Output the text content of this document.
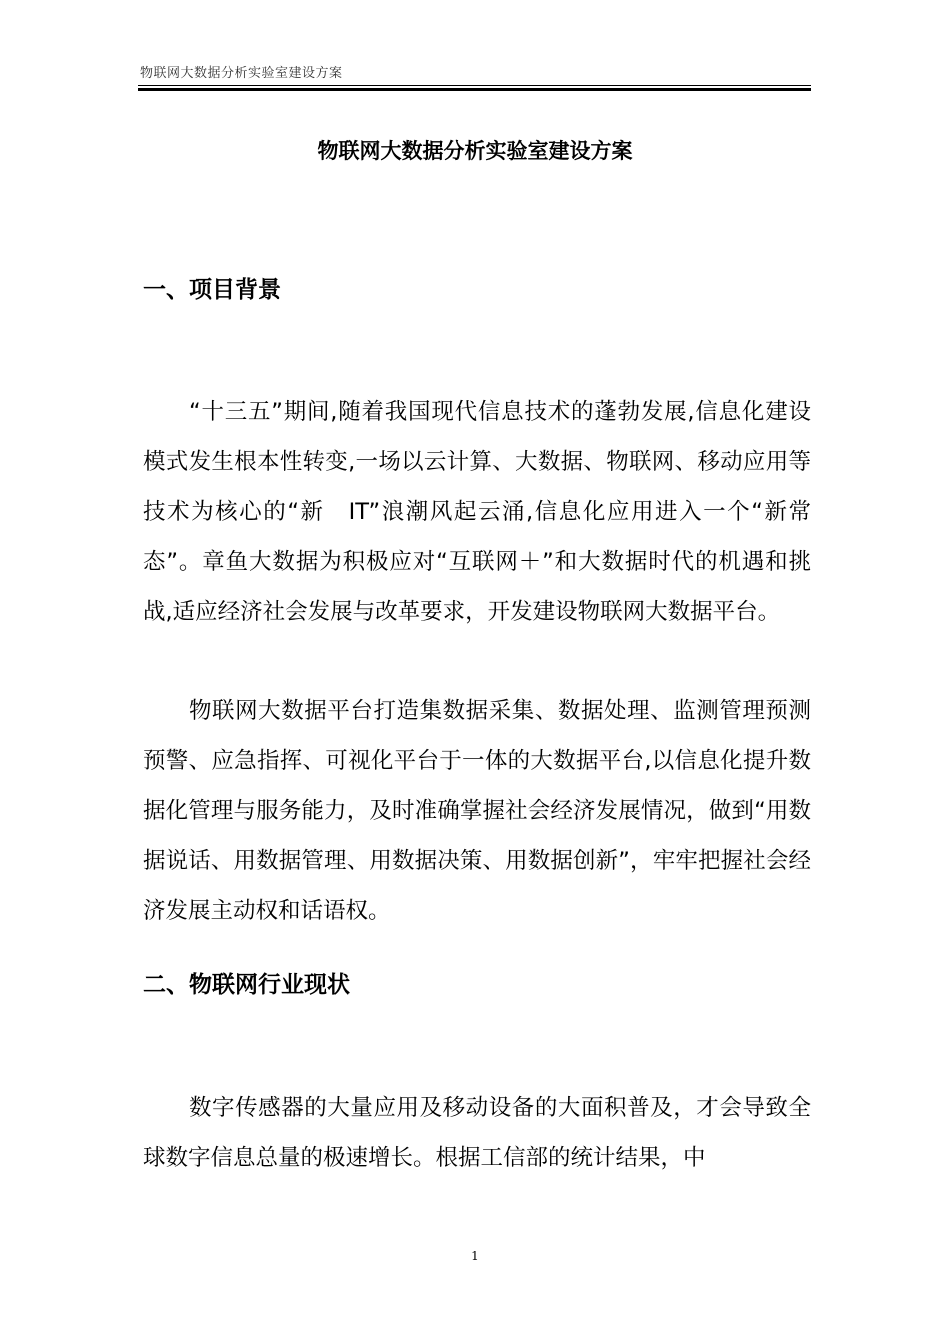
物联网大数据分析实验室建设方案
物联网大数据分析实验室建设方案
一、项目背景

“十三五”期间,随着我国现代信息技术的蓬勃发展,信息化建设模式发生根本性转变,一场以云计算、大数据、物联网、移动应用等技术为核心的“新　IT”浪潮风起云涌,信息化应用进入一个“新常态”。章鱼大数据为积极应对“互联网＋”和大数据时代的机遇和挑战,适应经济社会发展与改革要求，开发建设物联网大数据平台。

物联网大数据平台打造集数据采集、数据处理、监测管理预测预警、应急指挥、可视化平台于一体的大数据平台,以信息化提升数据化管理与服务能力，及时准确掌握社会经济发展情况，做到“用数据说话、用数据管理、用数据决策、用数据创新”，牢牢把握社会经济发展主动权和话语权。

二、物联网行业现状

数字传感器的大量应用及移动设备的大面积普及，才会导致全球数字信息总量的极速增长。根据工信部的统计结果，中

1
